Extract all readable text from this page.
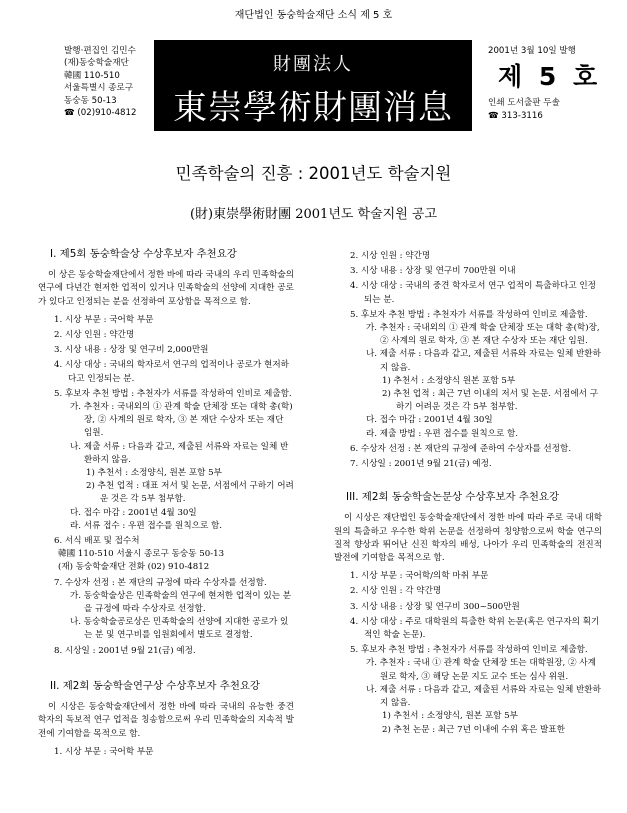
재단법인 동숭학술재단 소식 제 5 호
발행·편집인 김민수
(재)동숭학술재단
韓國 110-510
서울특별시 종로구
동숭동 50-13
☎ (02)910-4812
財團法人
東崇學術財團消息
2001년 3월 10일 발행
제 5 호
인쇄 도서출판 두솔
☎ 313-3116
민족학술의 진흥 : 2001년도 학술지원
(財)東崇學術財團 2001년도 학술지원 공고
I. 제5회 동숭학술상 수상후보자 추천요강
이 상은 동숭학술재단에서 정한 바에 따라 국내의 우리 민족학술의 연구에 다년간 현저한 업적이 있거나 민족학술의 선양에 지대한 공로가 있다고 인정되는 분을 선정하여 포상함을 목적으로 함.
1. 시상 부문 : 국어학 부문
2. 시상 인원 : 약간명
3. 시상 내용 : 상장 및 연구비 2,000만원
4. 시상 대상 : 국내의 학자로서 연구의 업적이나 공로가 현저하다고 인정되는 분.
5. 후보자 추천 방법 : 추천자가 서류를 작성하여 인비로 제출함.
가. 추천자 : 국내외의 ① 관계 학술 단체장 또는 대학 총(학)장, ② 사계의 원로 학자, ③ 본 재단 수상자 또는 재단 임원.
나. 제출 서류 : 다음과 같고, 제출된 서류와 자료는 일체 반환하지 않음.
1) 추천서 : 소정양식, 원본 포함 5부
2) 추천 업적 : 대표 저서 및 논문, 서점에서 구하기 어려운 것은 각 5부 첨부함.
다. 접수 마감 : 2001년 4월 30일
라. 서류 접수 : 우편 접수를 원칙으로 함.
6. 서식 배포 및 접수처
韓國 110-510 서울시 종로구 동숭동 50-13
(재) 동숭학술재단 전화 (02) 910-4812
7. 수상자 선정 : 본 재단의 규정에 따라 수상자를 선정함.
가. 동숭학술상은 민족학술의 연구에 현저한 업적이 있는 분을 규정에 따라 수상자로 선정함.
나. 동숭학술공로상은 민족학술의 선양에 지대한 공로가 있는 분 및 연구비를 임원회에서 별도로 결정함.
8. 시상일 : 2001년 9월 21(금) 예정.
II. 제2회 동숭학술연구상 수상후보자 추천요강
이 시상은 동숭학술재단에서 정한 바에 따라 국내의 유능한 중견 학자의 독보적 연구 업적을 칭송함으로써 우리 민족학술의 지속적 발전에 기여함을 목적으로 함.
1. 시상 부문 : 국어학 부문
2. 시상 인원 : 약간명
3. 시상 내용 : 상장 및 연구비 700만원 이내
4. 시상 대상 : 국내의 중견 학자로서 연구 업적이 특출하다고 인정되는 분.
5. 후보자 추천 방법 : 추천자가 서류를 작성하여 인비로 제출함.
가. 추천자 : 국내외의 ① 관계 학술 단체장 또는 대학 총(학)장, ② 사계의 원로 학자, ③ 본 재단 수상자 또는 재단 임원.
나. 제출 서류 : 다음과 같고, 제출된 서류와 자료는 일체 반환하지 않음.
1) 추천서 : 소정양식 원본 포함 5부
2) 추천 업적 : 최근 7년 이내의 저서 및 논문. 서점에서 구하기 어려운 것은 각 5부 첨부함.
다. 접수 마감 : 2001년 4월 30일
라. 제출 방법 : 우편 접수를 원칙으로 함.
6. 수상자 선정 : 본 재단의 규정에 준하여 수상자를 선정함.
7. 시상일 : 2001년 9월 21(금) 예정.
III. 제2회 동숭학술논문상 수상후보자 추천요강
이 시상은 재단법인 동숭학술재단에서 정한 바에 따라 주로 국내 대학원의 특출하고 우수한 학위 논문을 선정하여 칭양함으로써 학술 연구의 질적 향상과 뛰어난 신진 학자의 배성, 나아가 우리 민족학술의 전진적 발전에 기여함을 목적으로 함.
1. 시상 부문 : 국어학/의학 마취 부문
2. 시상 인원 : 각 약간명
3. 시상 내용 : 상장 및 연구비 300~500만원
4. 시상 대상 : 주로 대학원의 특출한 학위 논문(혹은 연구자의 획기적인 학술 논문).
5. 후보자 추천 방법 : 추천자가 서류를 작성하여 인비로 제출함.
가. 추천자 : 국내 ① 관계 학술 단체장 또는 대학원장, ② 사계 원로 학자, ③ 해당 논문 지도 교수 또는 심사 위원.
나. 제출 서류 : 다음과 같고, 제출된 서류와 자료는 일체 반환하지 않음.
1) 추천서 : 소정양식, 원본 포함 5부
2) 추천 논문 : 최근 7년 이내에 수위 혹은 발표한
